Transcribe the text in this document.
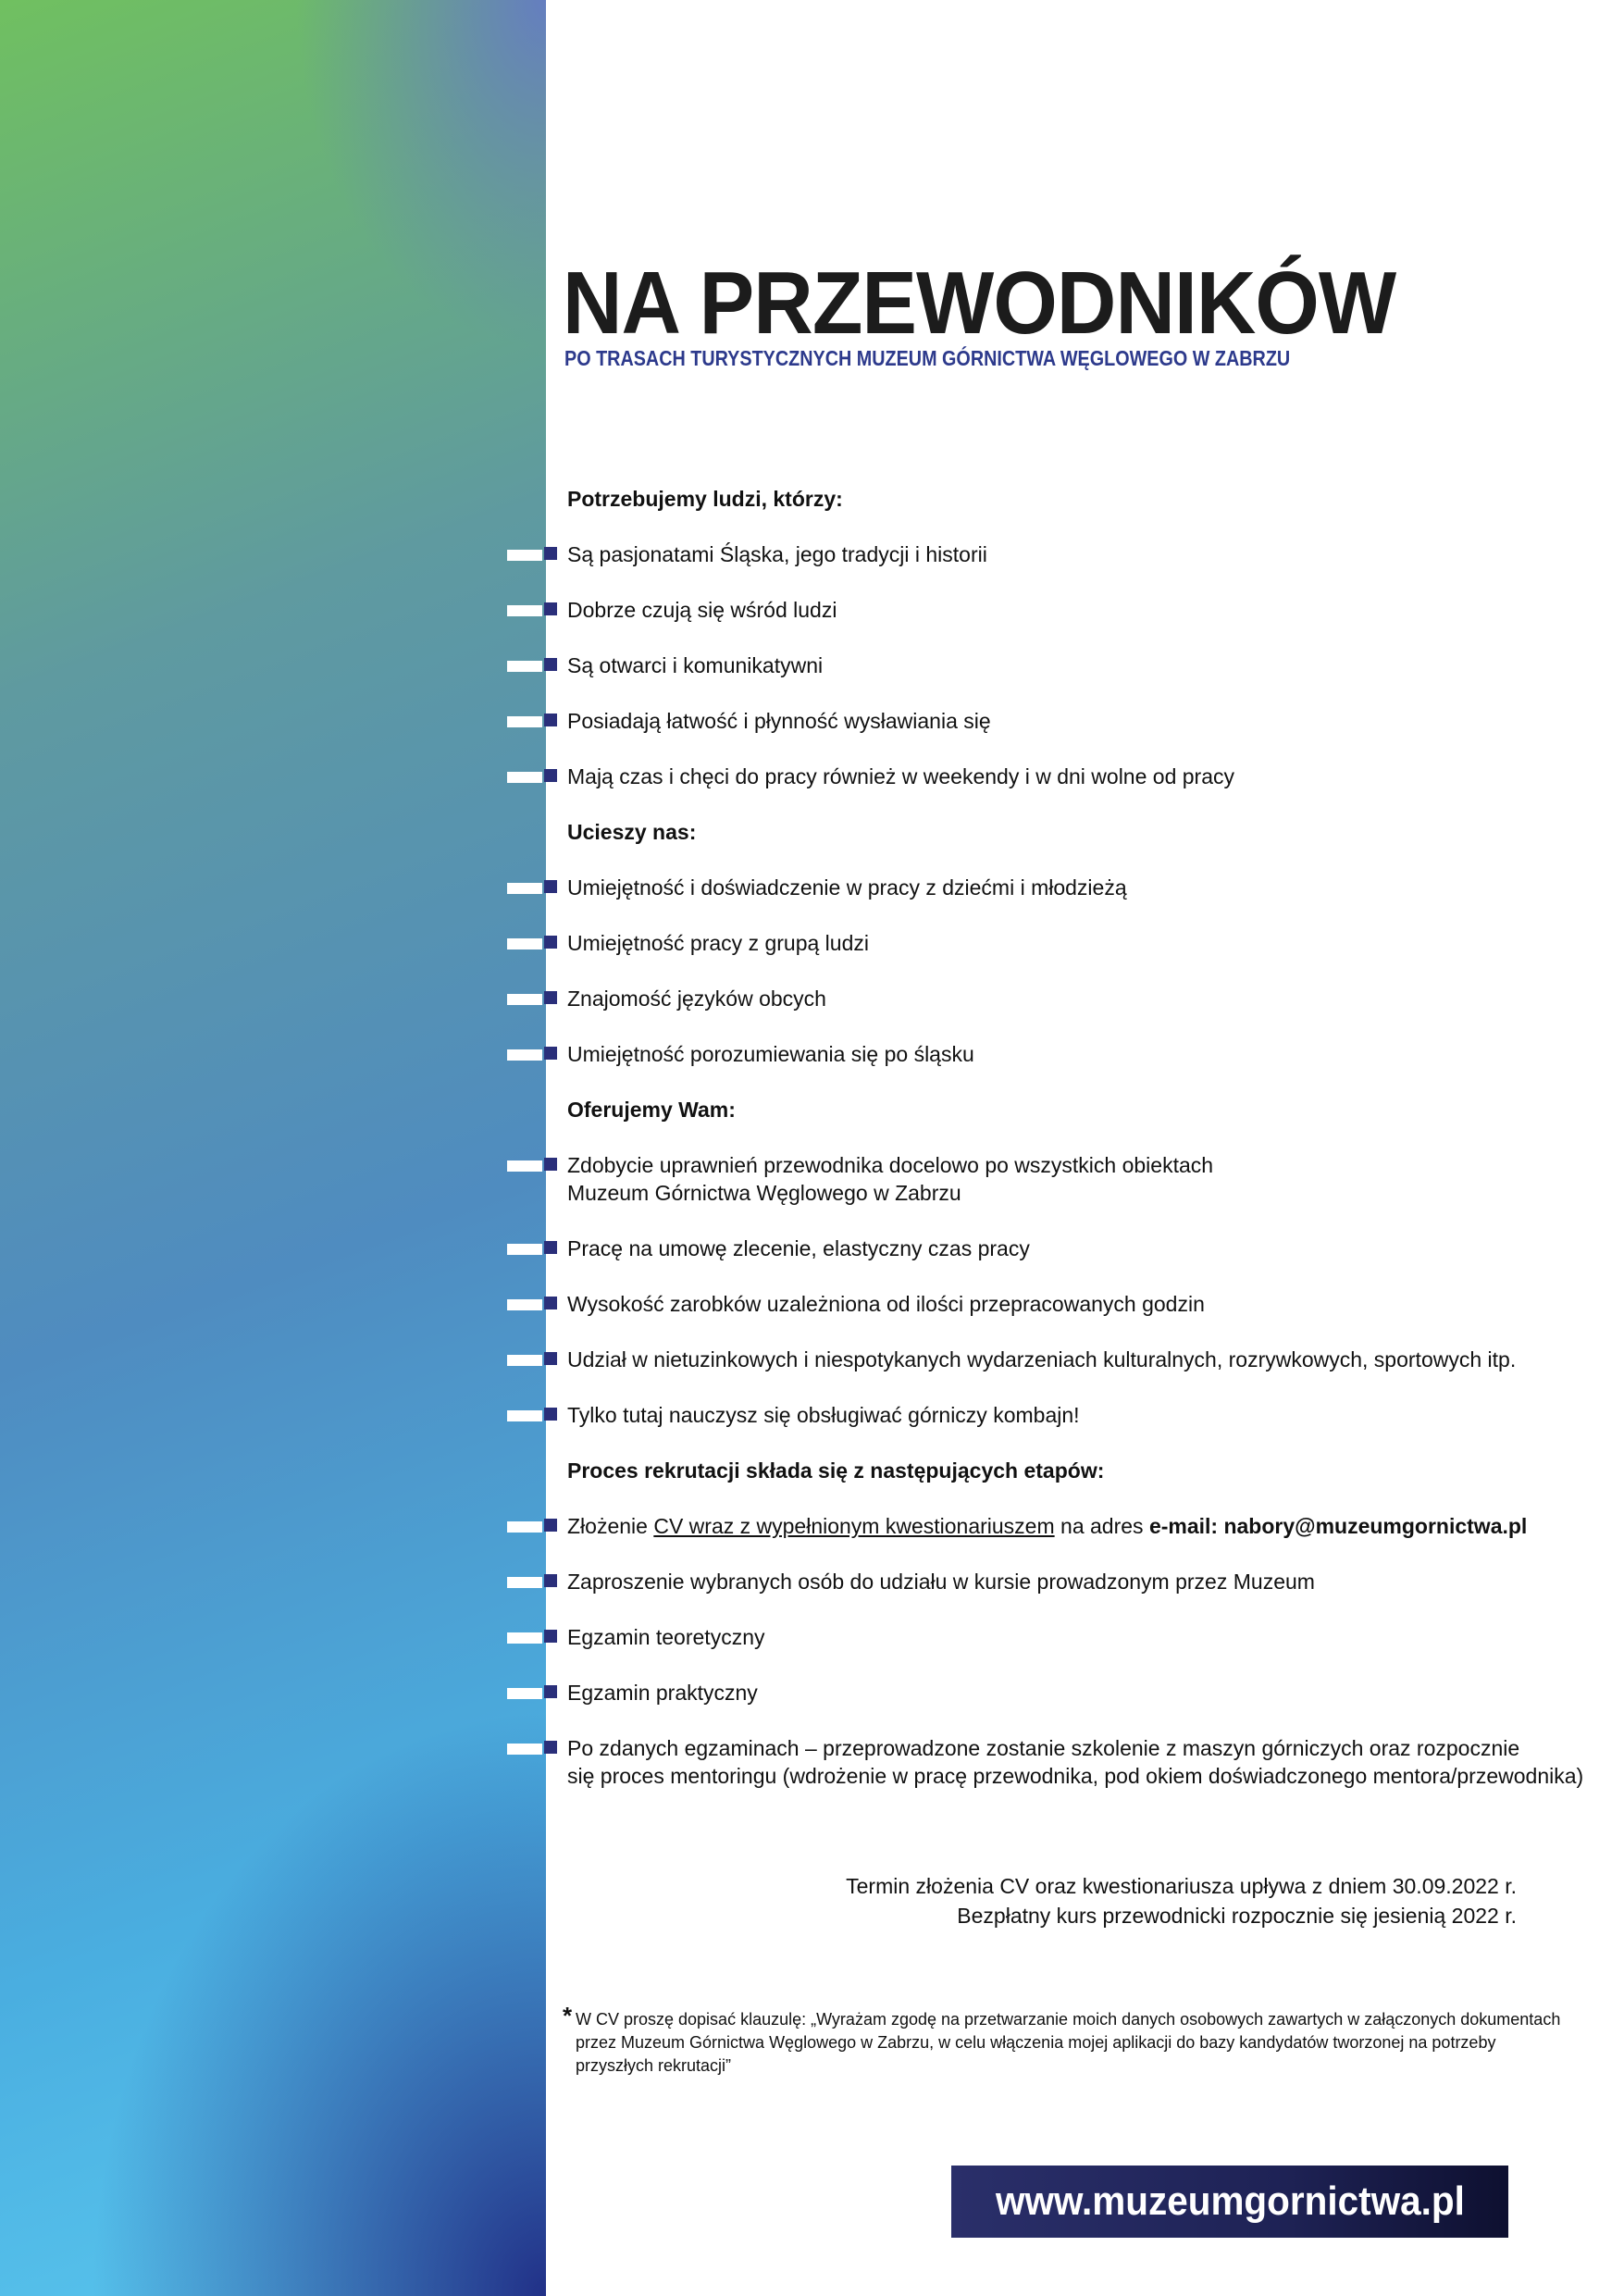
NA PRZEWODNIKÓW

PO TRASACH TURYSTYCZNYCH MUZEUM GÓRNICTWA WĘGLOWEGO W ZABRZU

Potrzebujemy ludzi, którzy:
Są pasjonatami Śląska, jego tradycji i historii
Dobrze czują się wśród ludzi
Są otwarci i komunikatywni
Posiadają łatwość i płynność wysławiania się
Mają czas i chęci do pracy również w weekendy i w dni wolne od pracy
Ucieszy nas:
Umiejętność i doświadczenie w pracy z dziećmi i młodzieżą
Umiejętność pracy z grupą ludzi
Znajomość języków obcych
Umiejętność porozumiewania się po śląsku
Oferujemy Wam:
Zdobycie uprawnień przewodnika docelowo po wszystkich obiektach
Muzeum Górnictwa Węglowego w Zabrzu
Pracę na umowę zlecenie, elastyczny czas pracy
Wysokość zarobków uzależniona od ilości przepracowanych godzin
Udział w nietuzinkowych i niespotykanych wydarzeniach kulturalnych, rozrywkowych, sportowych itp.
Tylko tutaj nauczysz się obsługiwać górniczy kombajn!
Proces rekrutacji składa się z następujących etapów:
Złożenie CV wraz z wypełnionym kwestionariuszem na adres e-mail: nabory@muzeumgornictwa.pl
Zaproszenie wybranych osób do udziału w kursie prowadzonym przez Muzeum
Egzamin teoretyczny
Egzamin praktyczny
Po zdanych egzaminach – przeprowadzone zostanie szkolenie z maszyn górniczych oraz rozpocznie
się proces mentoringu (wdrożenie w pracę przewodnika, pod okiem doświadczonego mentora/przewodnika)
Termin złożenia CV oraz kwestionariusza upływa z dniem 30.09.2022 r.
Bezpłatny kurs przewodnicki rozpocznie się jesienią 2022 r.
* W CV proszę dopisać klauzulę: „Wyrażam zgodę na przetwarzanie moich danych osobowych zawartych w załączonych dokumentach przez Muzeum Górnictwa Węglowego w Zabrzu, w celu włączenia mojej aplikacji do bazy kandydatów tworzonej na potrzeby przyszłych rekrutacji”
www.muzeumgornictwa.pl
